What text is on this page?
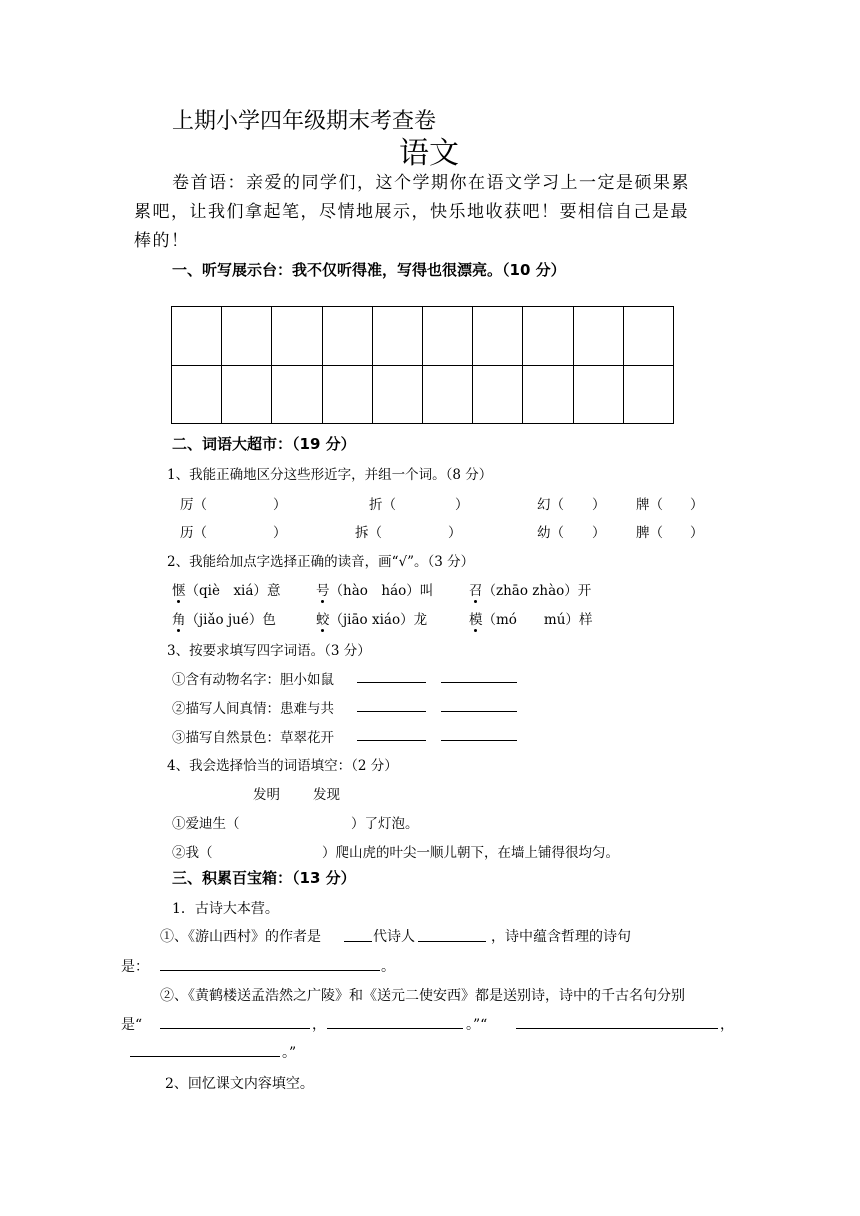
上期小学四年级期末考查卷
语文
卷首语：亲爱的同学们，这个学期你在语文学习上一定是硕果累
累吧，让我们拿起笔，尽情地展示，快乐地收获吧！要相信自己是最
棒的！
一、听写展示台：我不仅听得准，写得也很漂亮。（10 分）

二、词语大超市：（19 分）
1、我能正确地区分这些形近字，并组一个词。（8 分）
厉（	）	折（	）	幻（ ） 牌（ ）
历（	）	拆（	）	幼（ ） 脾（ ）
2、我能给加点字选择正确的读音，画“√”。（3 分）
惬（qiè　xiá）意	号（hào　háo）叫	召（zhāo zhào）开
角（jiǎo jué）色	蛟（jiāo xiáo）龙	模（mó　　mú）样
3、按要求填写四字词语。（3 分）
①含有动物名字：胆小如鼠
②描写人间真情：患难与共
③描写自然景色：草翠花开
4、我会选择恰当的词语填空：（2 分）
发明 发现
①爱迪生（	）了灯泡。
②我（	）爬山虎的叶尖一顺儿朝下，在墙上铺得很均匀。
三、积累百宝箱：（13 分）
1．古诗大本营。
①、《游山西村》的作者是	代诗人	，诗中蕴含哲理的诗句
是：	。
②、《黄鹤楼送孟浩然之广陵》和《送元二使安西》都是送别诗，诗中的千古名句分别
是“	，	。”“	，
。”
2、回忆课文内容填空。
